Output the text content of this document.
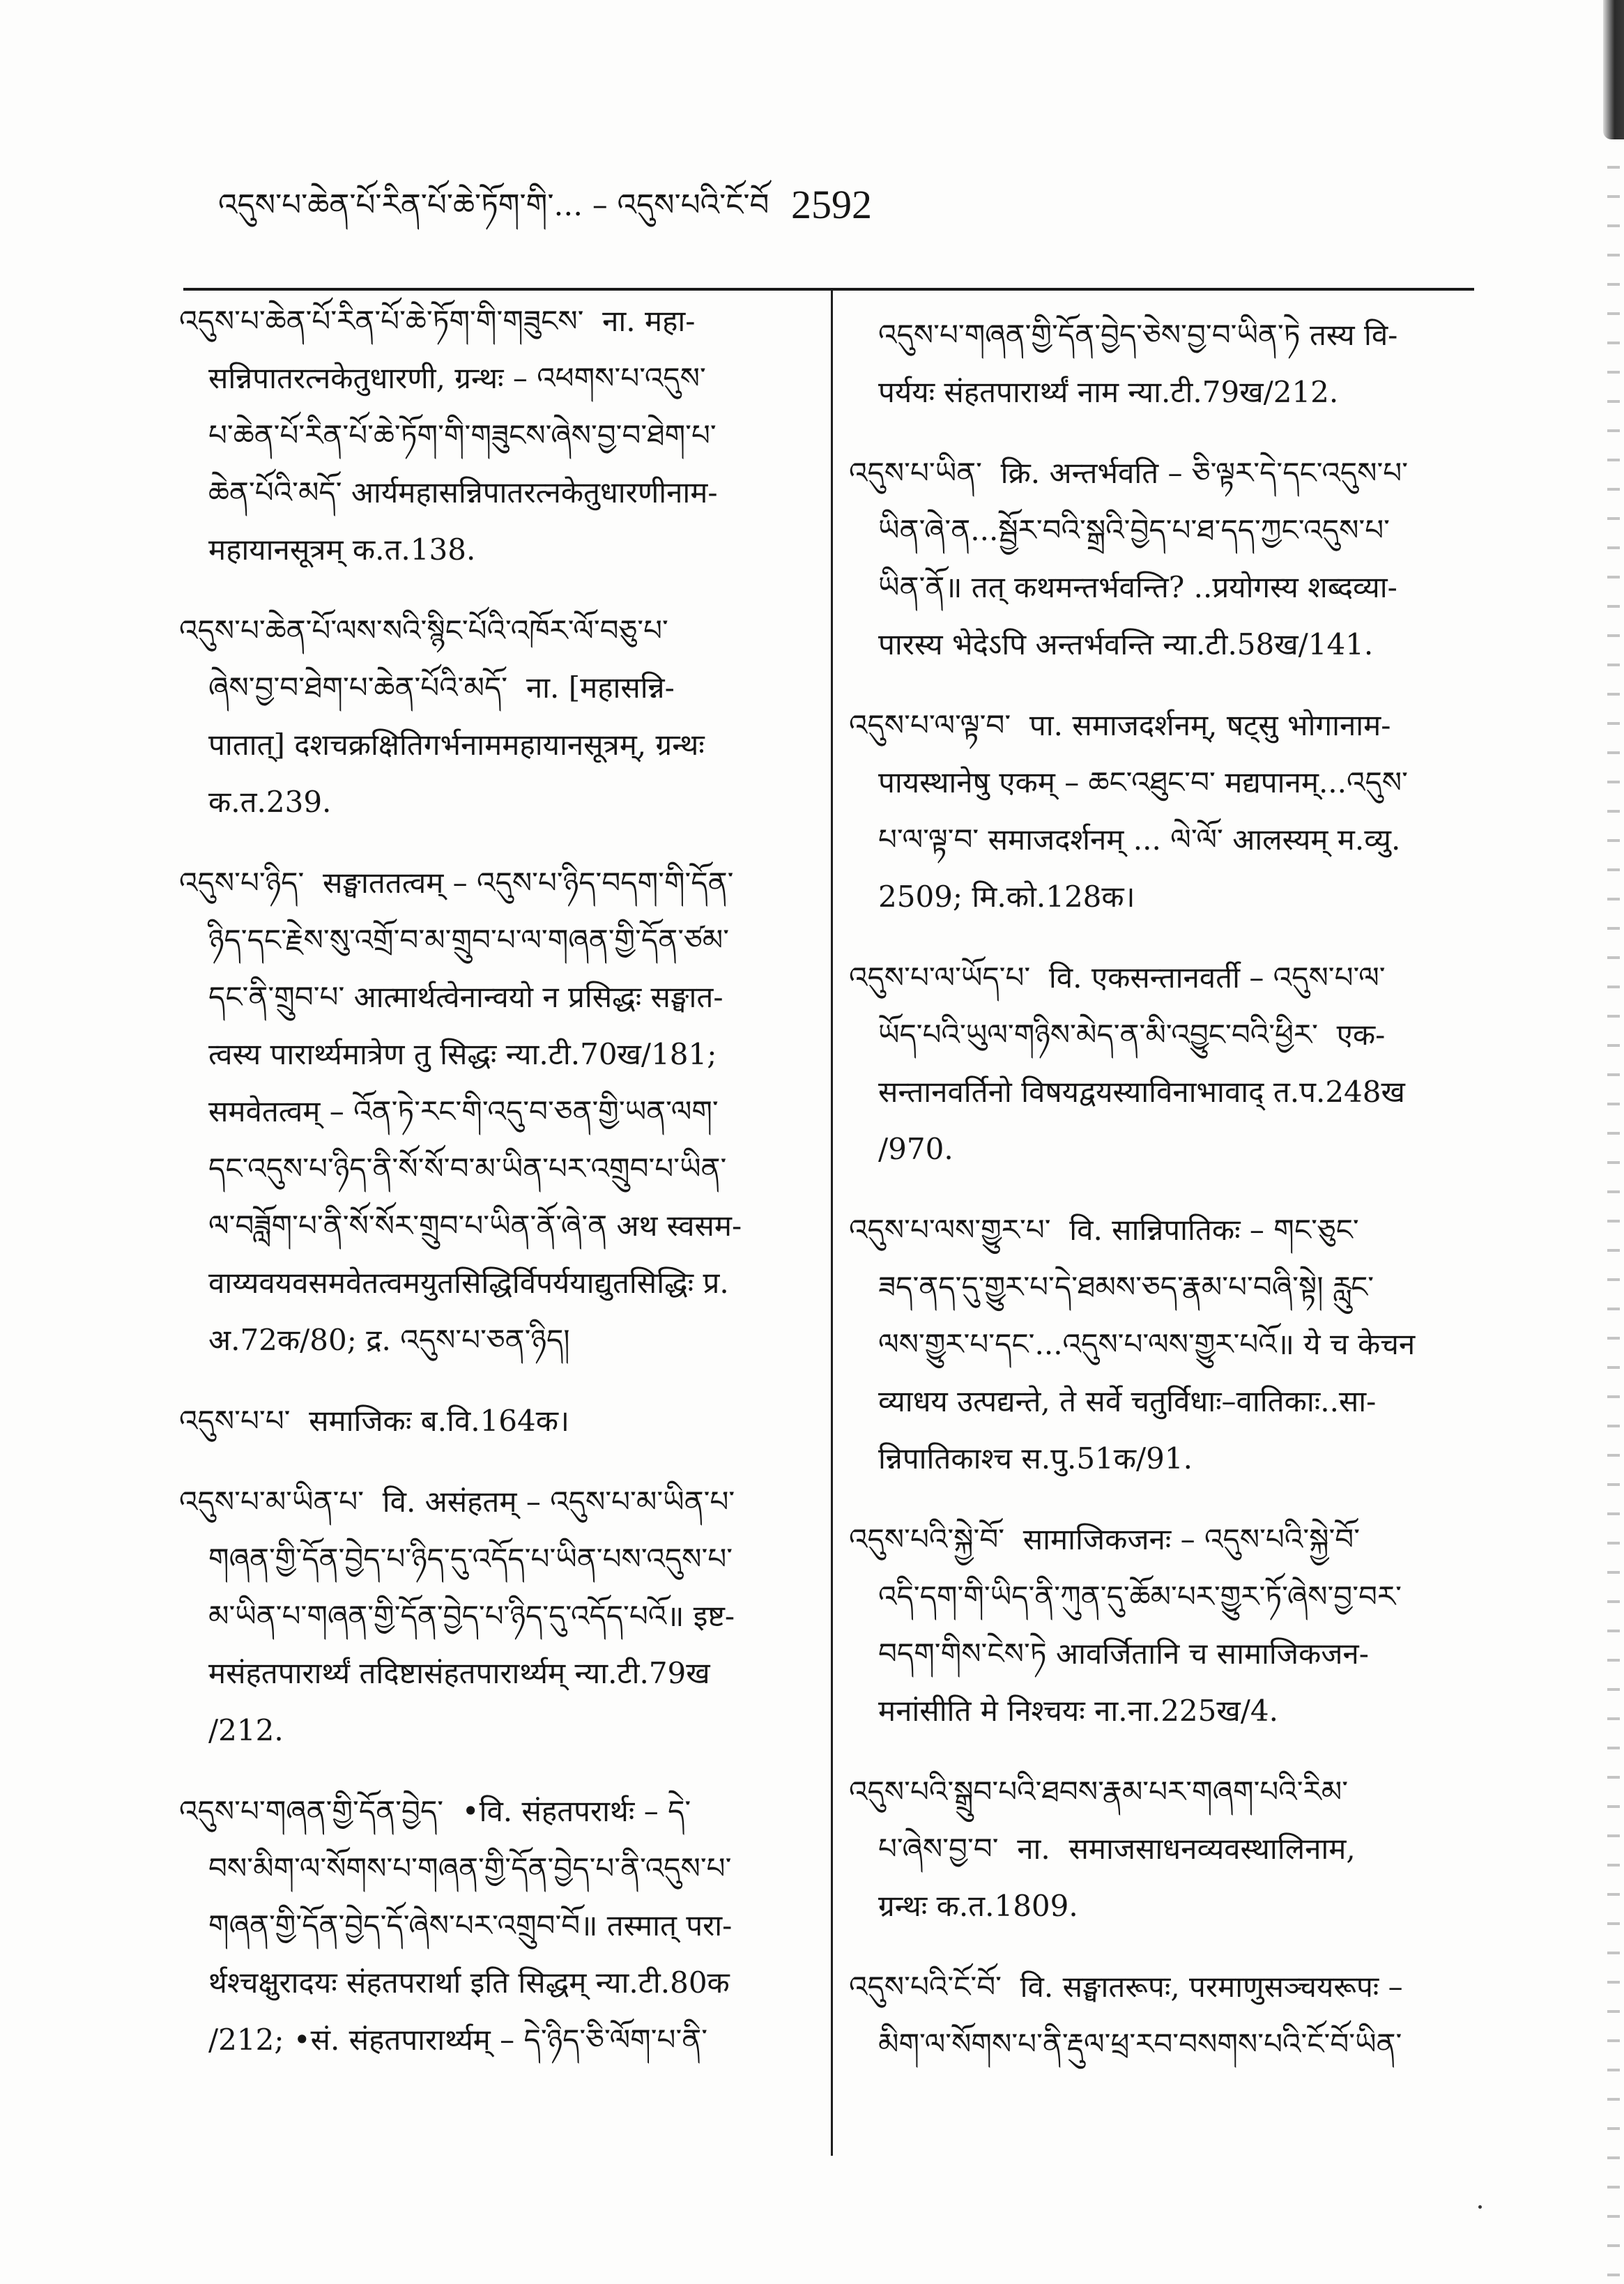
འདུས་པ་ཆེན་པོ་རིན་པོ་ཆེ་ཏོག་གི་... – འདུས་པའི་ངོ་བོ

2592

འདུས་པ་ཆེན་པོ་རིན་པོ་ཆེ་ཏོག་གི་གཟུངས་  ना. महा-
सन्निपातरत्नकेतुधारणी, ग्रन्थः – འཕགས་པ་འདུས་
པ་ཆེན་པོ་རིན་པོ་ཆེ་ཏོག་གི་གཟུངས་ཞེས་བྱ་བ་ཐེག་པ་
ཆེན་པོའི་མདོ་ आर्यमहासन्निपातरत्नकेतुधारणीनाम-
महायानसूत्रम् क.त.138.
འདུས་པ་ཆེན་པོ་ལས་སའི་སྙིང་པོའི་འཁོར་ལོ་བཅུ་པ་
ཞེས་བྱ་བ་ཐེག་པ་ཆེན་པོའི་མདོ་  ना. [महासन्नि-
पातात्] दशचक्रक्षितिगर्भनाममहायानसूत्रम्, ग्रन्थः
क.त.239.
འདུས་པ་ཉིད་  सङ्घाततत्वम् – འདུས་པ་ཉིད་བདག་གི་དོན་
ཉིད་དང་རྗེས་སུ་འགྲོ་བ་མ་གྲུབ་པ་ལ་གཞན་གྱི་དོན་ཙམ་
དང་ནི་གྲུབ་པ་ आत्मार्थत्वेनान्वयो न प्रसिद्धः सङ्घात-
त्वस्य पारार्थ्यमात्रेण तु सिद्धः न्या.टी.70ख/181;
समवेतत्वम् – འོན་ཏེ་རང་གི་འདུ་བ་ཅན་གྱི་ཡན་ལག་
དང་འདུས་པ་ཉིད་ནི་སོ་སོ་བ་མ་ཡིན་པར་འགྲུབ་པ་ཡིན་
ལ་བཟློག་པ་ནི་སོ་སོར་གྲུབ་པ་ཡིན་ནོ་ཞེ་ན अथ स्वसम-
वाय्यवयवसमवेतत्वमयुतसिद्धिर्विपर्ययाद्युतसिद्धिः प्र.
अ.72क/80; द्र. འདུས་པ་ཅན་ཉིད།
འདུས་པ་པ་  समाजिकः ब.वि.164क।
འདུས་པ་མ་ཡིན་པ་  वि. असंहतम् – འདུས་པ་མ་ཡིན་པ་
གཞན་གྱི་དོན་བྱེད་པ་ཉིད་དུ་འདོད་པ་ཡིན་པས་འདུས་པ་
མ་ཡིན་པ་གཞན་གྱི་དོན་བྱེད་པ་ཉིད་དུ་འདོད་པའོ॥ इष्ट-
मसंहतपारार्थ्यं तदिष्टासंहतपारार्थ्यम् न्या.टी.79ख
/212.
འདུས་པ་གཞན་གྱི་དོན་བྱེད་  •वि. संहतपरार्थः – དེ་
བས་མིག་ལ་སོགས་པ་གཞན་གྱི་དོན་བྱེད་པ་ནི་འདུས་པ་
གཞན་གྱི་དོན་བྱེད་དོ་ཞེས་པར་འགྲུབ་བོ॥ तस्मात् परा-
र्थश्चक्षुरादयः संहतपरार्था इति सिद्धम् न्या.टी.80क
/212; •सं. संहतपारार्थ्यम् – དེ་ཉིད་ཅི་ལོག་པ་ནི་
འདུས་པ་གཞན་གྱི་དོན་བྱེད་ཅེས་བྱ་བ་ཡིན་ཏེ तस्य वि-
पर्ययः संहतपारार्थ्यं नाम न्या.टी.79ख/212.
འདུས་པ་ཡིན་  क्रि. अन्तर्भवति – ཅི་ལྟར་དེ་དང་འདུས་པ་
ཡིན་ཞེ་ན...སྦྱོར་བའི་སྒྲའི་བྱེད་པ་ཐ་དད་ཀྱང་འདུས་པ་
ཡིན་ནོ॥ तत् कथमन्तर्भवन्ति? ..प्रयोगस्य शब्दव्या-
पारस्य भेदेऽपि अन्तर्भवन्ति न्या.टी.58ख/141.
འདུས་པ་ལ་ལྟ་བ་  पा. समाजदर्शनम्, षट्सु भोगानाम-
पायस्थानेषु एकम् – ཆང་འཐུང་བ་ मद्यपानम्...འདུས་
པ་ལ་ལྟ་བ་ समाजदर्शनम् ... ལེ་ལོ་ आलस्यम् म.व्यु.
2509; मि.को.128क।
འདུས་པ་ལ་ཡོད་པ་  वि. एकसन्तानवर्ती – འདུས་པ་ལ་
ཡོད་པའི་ཡུལ་གཉིས་མེད་ན་མི་འབྱུང་བའི་ཕྱིར་  एक-
सन्तानवर्तिनो विषयद्वयस्याविनाभावाद् त.प.248ख
/970.
འདུས་པ་ལས་གྱུར་པ་  वि. सान्निपातिकः – གང་ཅུང་
ཟད་ནད་དུ་གྱུར་པ་དེ་ཐམས་ཅད་རྣམ་པ་བཞི་སྟེ། རླུང་
ལས་གྱུར་པ་དང་...འདུས་པ་ལས་གྱུར་པའོ॥ ये च केचन
व्याधय उत्पद्यन्ते, ते सर्वे चतुर्विधाः–वातिकाः..सा-
न्निपातिकाश्च स.पु.51क/91.
འདུས་པའི་སྐྱེ་བོ་  सामाजिकजनः – འདུས་པའི་སྐྱེ་བོ་
འདི་དག་གི་ཡིད་ནི་ཀུན་དུ་ཆོམ་པར་གྱུར་ཏོ་ཞེས་བྱ་བར་
བདག་གིས་ངེས་ཏེ आवर्जितानि च सामाजिकजन-
मनांसीति मे निश्चयः ना.ना.225ख/4.
འདུས་པའི་སྒྲུབ་པའི་ཐབས་རྣམ་པར་གཞག་པའི་རིམ་
པ་ཞེས་བྱ་བ་  ना.  समाजसाधनव्यवस्थालिनाम,
ग्रन्थः क.त.1809.
འདུས་པའི་ངོ་བོ་  वि. सङ्घातरूपः, परमाणुसञ्चयरूपः –
མིག་ལ་སོགས་པ་ནི་རྡུལ་ཕྲ་རབ་བསགས་པའི་ངོ་བོ་ཡིན་
